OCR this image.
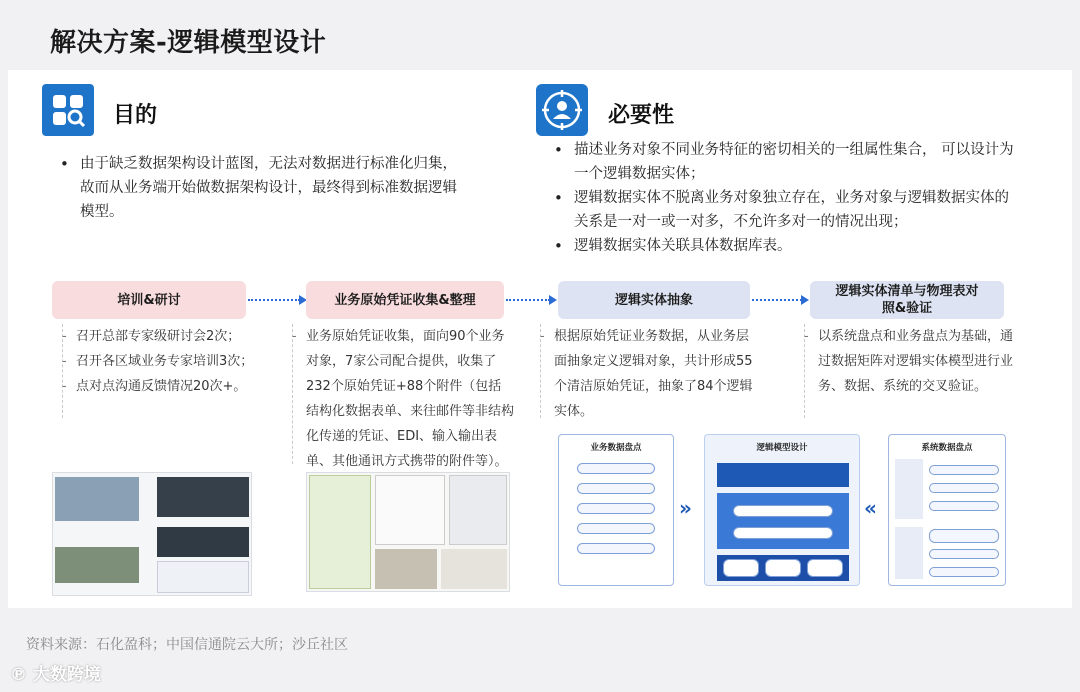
解决方案-逻辑模型设计
目的
• 由于缺乏数据架构设计蓝图，无法对数据进行标准化归集，故而从业务端开始做数据架构设计，最终得到标准数据逻辑模型。
必要性
• 描述业务对象不同业务特征的密切相关的一组属性集合， 可以设计为一个逻辑数据实体；
• 逻辑数据实体不脱离业务对象独立存在，业务对象与逻辑数据实体的关系是一对一或一对多，不允许多对一的情况出现；
• 逻辑数据实体关联具体数据库表。
培训&研讨	业务原始凭证收集&整理	逻辑实体抽象
逻辑实体清单与物理表对照&验证
- 召开总部专家级研讨会2次；
- 召开各区域业务专家培训3次；
- 点对点沟通反馈情况20次+。
- 业务原始凭证收集，面向90个业务对象，7家公司配合提供，收集了232个原始凭证+88个附件（包括结构化数据表单、来往邮件等非结构化传递的凭证、EDI、输入输出表单、其他通讯方式携带的附件等）。
- 根据原始凭证业务数据，从业务层面抽象定义逻辑对象，共计形成55个清洁原始凭证，抽象了84个逻辑实体。
- 以系统盘点和业务盘点为基础，通过数据矩阵对逻辑实体模型进行业务、数据、系统的交叉验证。
业务数据盘点
»
逻辑模型设计
«
系统数据盘点
资料来源：石化盈科；中国信通院云大所；沙丘社区
℗ 大数跨境
